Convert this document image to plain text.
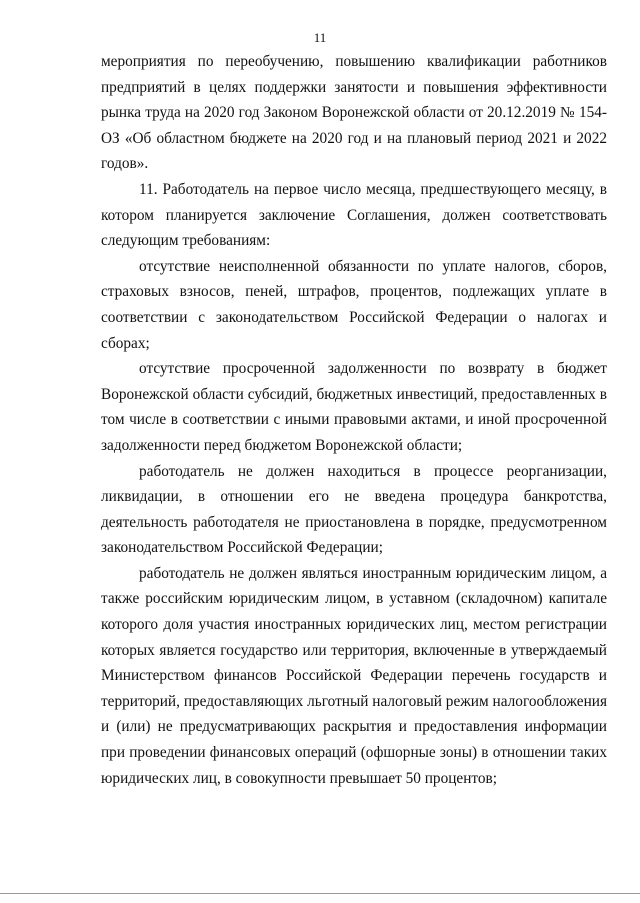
11

мероприятия по переобучению, повышению квалификации работников предприятий в целях поддержки занятости и повышения эффективности рынка труда на 2020 год Законом Воронежской области от 20.12.2019 № 154-ОЗ «Об областном бюджете на 2020 год и на плановый период 2021 и 2022 годов».

11. Работодатель на первое число месяца, предшествующего месяцу, в котором планируется заключение Соглашения, должен соответствовать следующим требованиям:

отсутствие неисполненной обязанности по уплате налогов, сборов, страховых взносов, пеней, штрафов, процентов, подлежащих уплате в соответствии с законодательством Российской Федерации о налогах и сборах;

отсутствие просроченной задолженности по возврату в бюджет Воронежской области субсидий, бюджетных инвестиций, предоставленных в том числе в соответствии с иными правовыми актами, и иной просроченной задолженности перед бюджетом Воронежской области;

работодатель не должен находиться в процессе реорганизации, ликвидации, в отношении его не введена процедура банкротства, деятельность работодателя не приостановлена в порядке, предусмотренном законодательством Российской Федерации;

работодатель не должен являться иностранным юридическим лицом, а также российским юридическим лицом, в уставном (складочном) капитале которого доля участия иностранных юридических лиц, местом регистрации которых является государство или территория, включенные в утверждаемый Министерством финансов Российской Федерации перечень государств и территорий, предоставляющих льготный налоговый режим налогообложения и (или) не предусматривающих раскрытия и предоставления информации при проведении финансовых операций (офшорные зоны) в отношении таких юридических лиц, в совокупности превышает 50 процентов;
